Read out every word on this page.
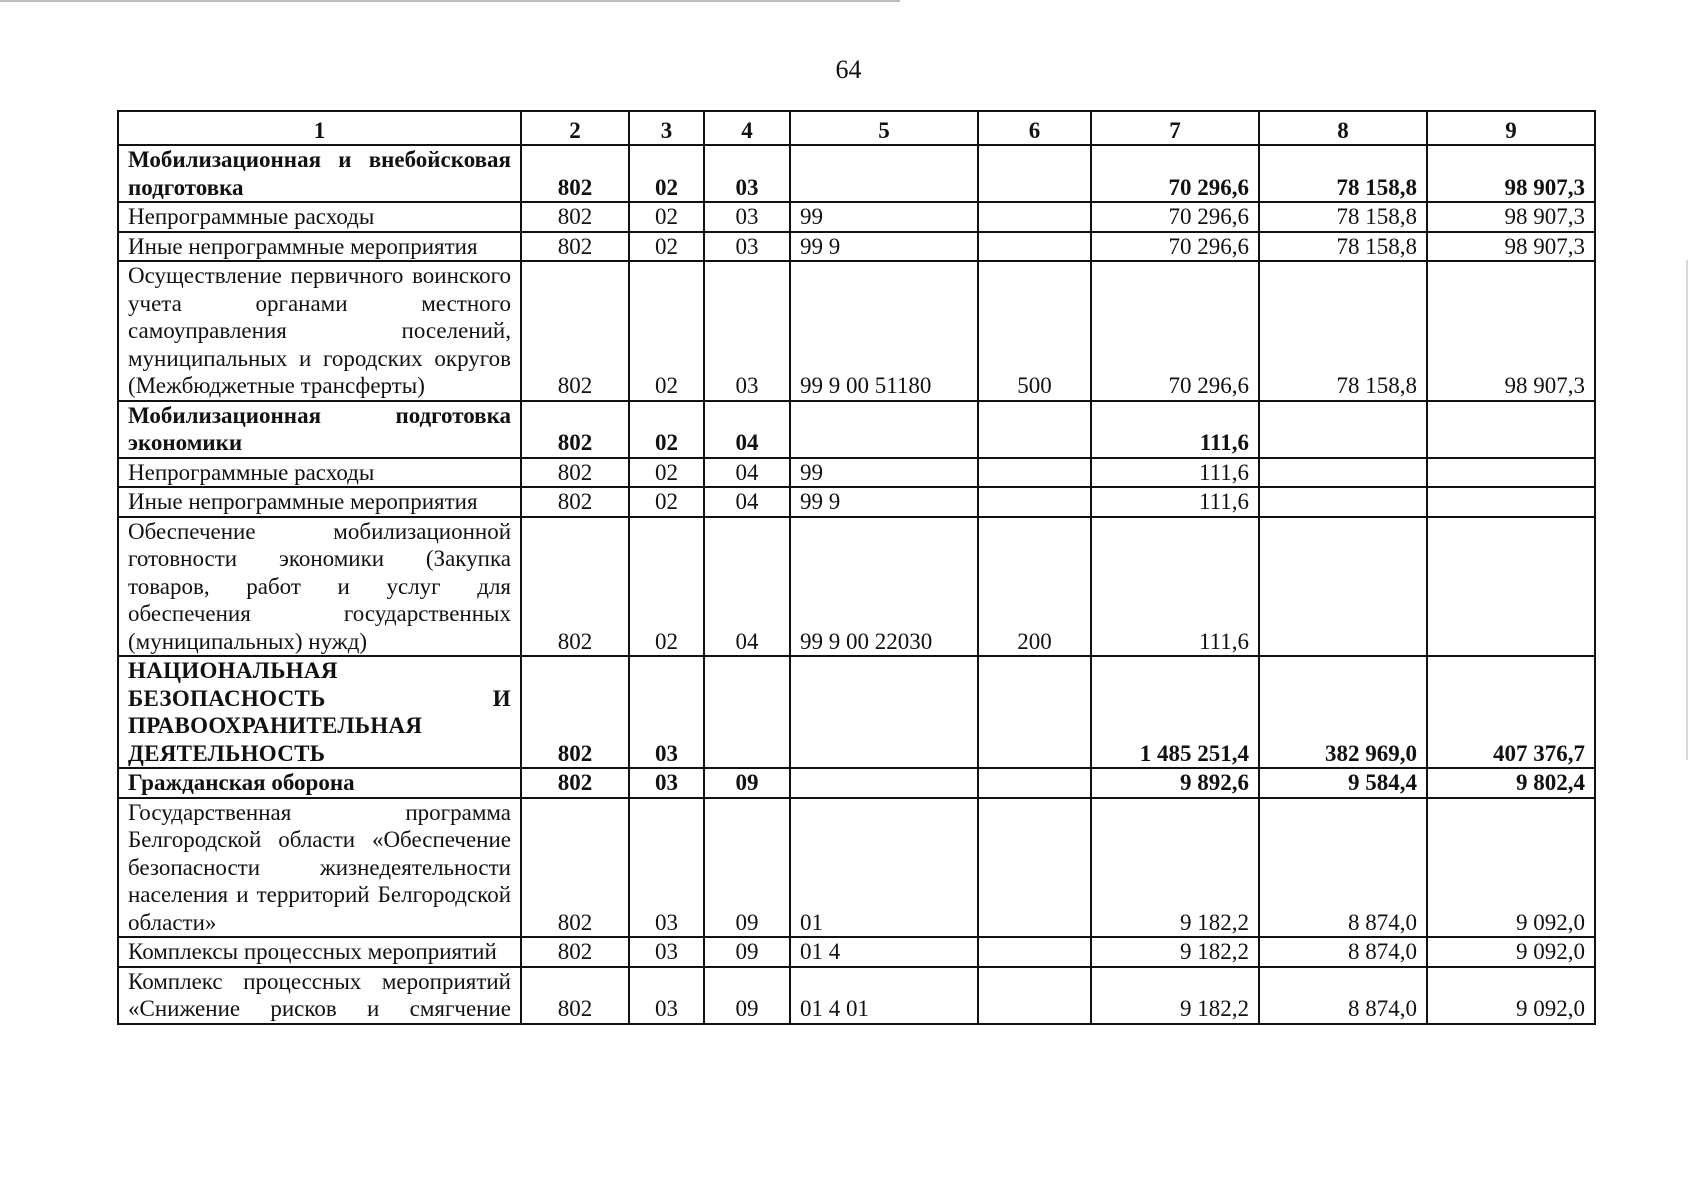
64
1	2	3	4	5	6	7	8	9
Мобилизационная и внебойсковая подготовка	802	02	03			70 296,6	78 158,8	98 907,3
Непрограммные расходы	802	02	03	99		70 296,6	78 158,8	98 907,3
Иные непрограммные мероприятия	802	02	03	99 9		70 296,6	78 158,8	98 907,3
Осуществление первичного воинского учета органами местного самоуправления поселений, муниципальных и городских округов (Межбюджетные трансферты)	802	02	03	99 9 00 51180	500	70 296,6	78 158,8	98 907,3
Мобилизационная подготовка экономики	802	02	04			111,6		
Непрограммные расходы	802	02	04	99		111,6		
Иные непрограммные мероприятия	802	02	04	99 9		111,6		
Обеспечение мобилизационной готовности экономики (Закупка товаров, работ и услуг для обеспечения государственных (муниципальных) нужд)	802	02	04	99 9 00 22030	200	111,6		
НАЦИОНАЛЬНАЯ БЕЗОПАСНОСТЬ И ПРАВООХРАНИТЕЛЬНАЯ ДЕЯТЕЛЬНОСТЬ	802	03				1 485 251,4	382 969,0	407 376,7
Гражданская оборона	802	03	09			9 892,6	9 584,4	9 802,4
Государственная программа Белгородской области «Обеспечение безопасности жизнедеятельности населения и территорий Белгородской области»	802	03	09	01		9 182,2	8 874,0	9 092,0
Комплексы процессных мероприятий	802	03	09	01 4		9 182,2	8 874,0	9 092,0
Комплекс процессных мероприятий «Снижение рисков и смягчение	802	03	09	01 4 01		9 182,2	8 874,0	9 092,0
